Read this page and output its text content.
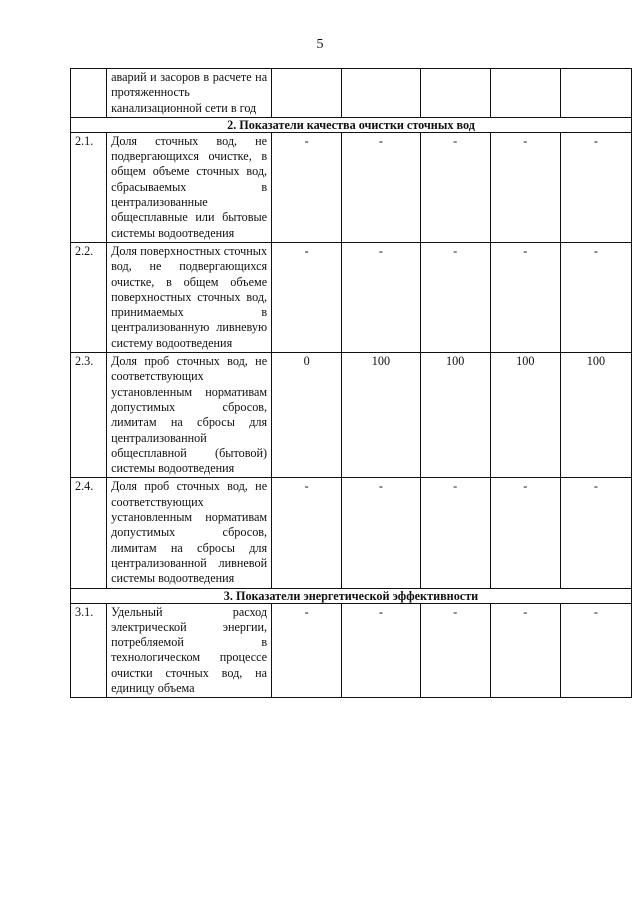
5
	аварий и засоров в расчете на протяженность канализационной сети в год					
2. Показатели качества очистки сточных вод						
2.1.	Доля сточных вод, не подвергающихся очистке, в общем объеме сточных вод, сбрасываемых в централизованные общесплавные или бытовые системы водоотведения	-	-	-	-	-
2.2.	Доля поверхностных сточных вод, не подвергающихся очистке, в общем объеме поверхностных сточных вод, принимаемых в централизованную ливневую систему водоотведения	-	-	-	-	-
2.3.	Доля проб сточных вод, не соответствующих установленным нормативам допустимых сбросов, лимитам на сбросы для централизованной общесплавной (бытовой) системы водоотведения	0	100	100	100	100
2.4.	Доля проб сточных вод, не соответствующих установленным нормативам допустимых сбросов, лимитам на сбросы для централизованной ливневой системы водоотведения	-	-	-	-	-
3. Показатели энергетической эффективности						
3.1.	Удельный расход электрической энергии, потребляемой в технологическом процессе очистки сточных вод, на единицу объема	-	-	-	-	-
